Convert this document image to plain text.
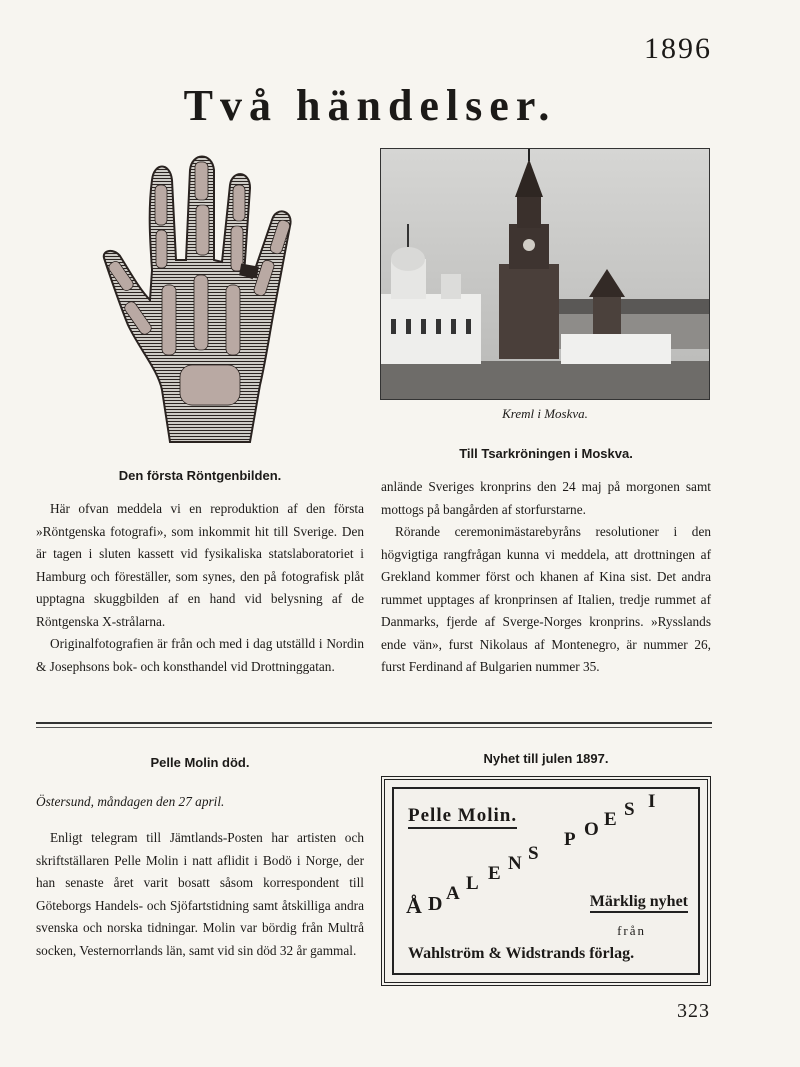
1896
Två händelser.
Kreml i Moskva.
Den första Röntgenbilden.

Här ofvan meddela vi en reproduktion af den första »Röntgenska fotografi», som inkommit hit till Sverige. Den är tagen i sluten kassett vid fysikaliska statslaboratoriet i Hamburg och föreställer, som synes, den på fotografisk plåt upptagna skuggbilden af en hand vid belysning af de Röntgenska X-strålarna.

Originalfotografien är från och med i dag utställd i Nordin & Josephsons bok- och konsthandel vid Drottninggatan.

Till Tsarkröningen i Moskva.

anlände Sveriges kronprins den 24 maj på morgonen samt mottogs på bangården af storfurstarne.

Rörande ceremonimästarebyråns resolutioner i den högvigtiga rangfrågan kunna vi meddela, att drottningen af Grekland kommer först och khanen af Kina sist. Det andra rummet upptages af kronprinsen af Italien, tredje rummet af Danmarks, fjerde af Sverge-Norges kronprins. »Rysslands ende vän», furst Nikolaus af Montenegro, är nummer 26, furst Ferdinand af Bulgarien nummer 35.

Pelle Molin död.
Östersund, måndagen den 27 april.

Enligt telegram till Jämtlands-Posten har artisten och skriftställaren Pelle Molin i natt aflidit i Bodö i Norge, der han senaste året varit bosatt såsom korrespondent till Göteborgs Handels- och Sjöfartstidning samt åtskilliga andra svenska och norska tidningar. Molin var bördig från Multrå socken, Vesternorrlands län, samt vid sin död 32 år gammal.

Nyhet till julen 1897.
Pelle Molin.
Å D A L E N S
P O E S I
Märklig nyhet
från
Wahlström & Widstrands förlag.
323
